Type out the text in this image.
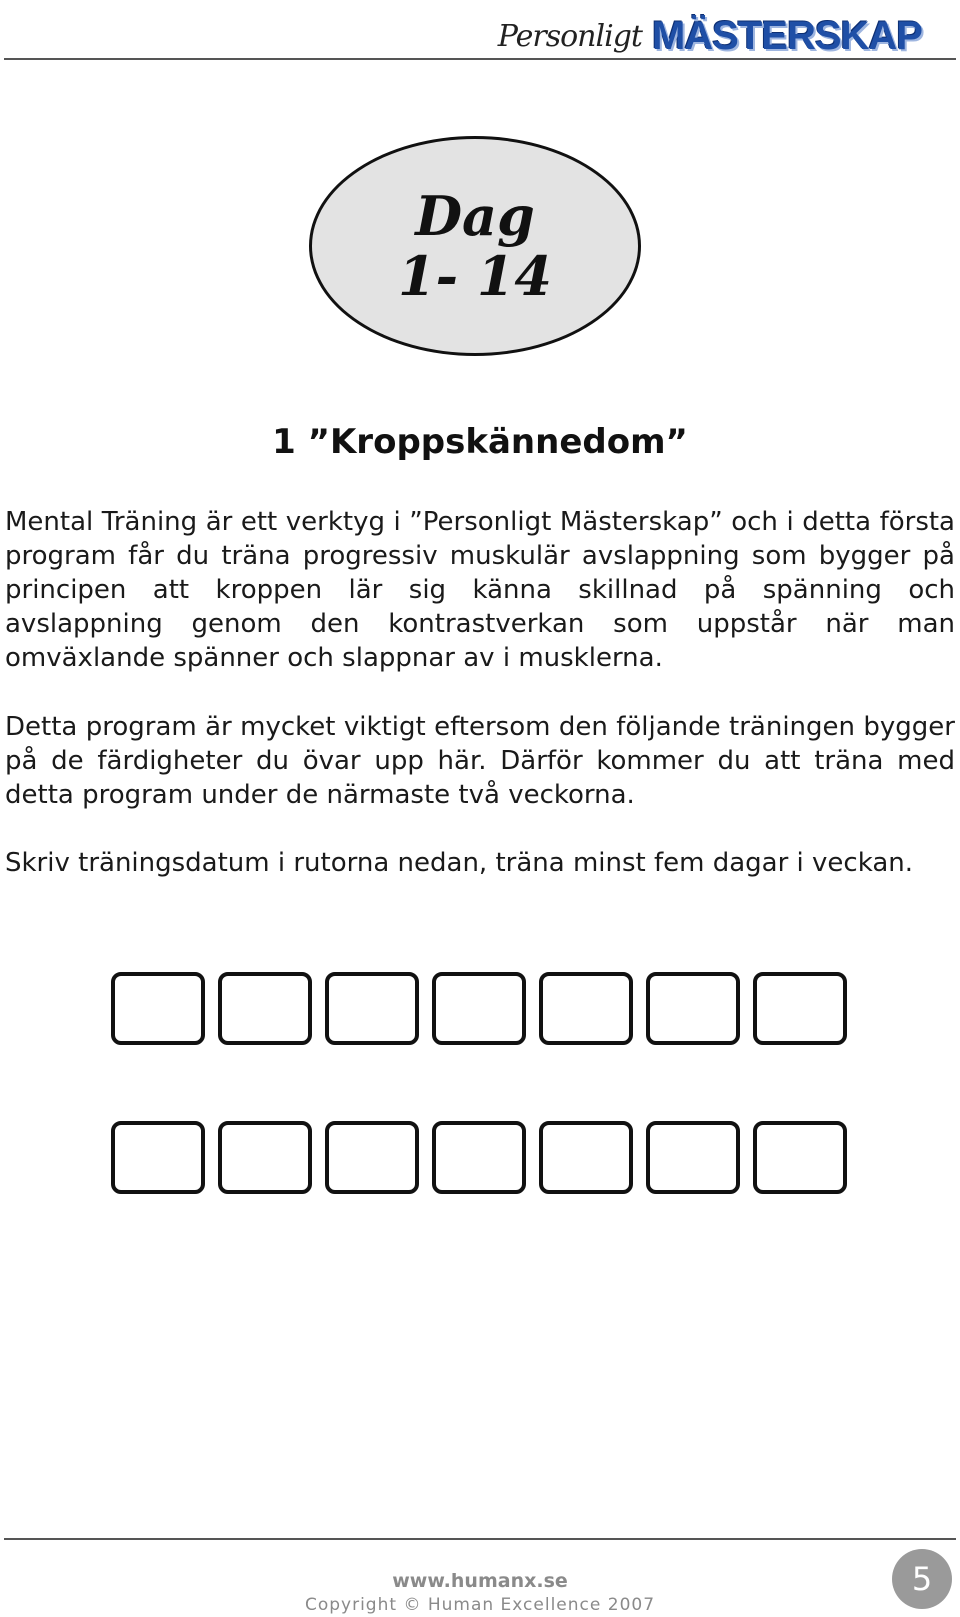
Personligt MÄSTERSKAP
Dag
1- 14
1 ”Kroppskännedom”

Mental Träning är ett verktyg i ”Personligt Mästerskap” och i detta första program får du träna progressiv muskulär avslappning som bygger på principen att kroppen lär sig känna skillnad på spänning och avslappning genom den kontrastverkan som uppstår när man omväxlande spänner och slappnar av i musklerna.

Detta program är mycket viktigt eftersom den följande träningen bygger på de färdigheter du övar upp här. Därför kommer du att träna med detta program under de närmaste två veckorna.

Skriv träningsdatum i rutorna nedan, träna minst fem dagar i veckan.

www.humanx.se
Copyright © Human Excellence 2007
5
